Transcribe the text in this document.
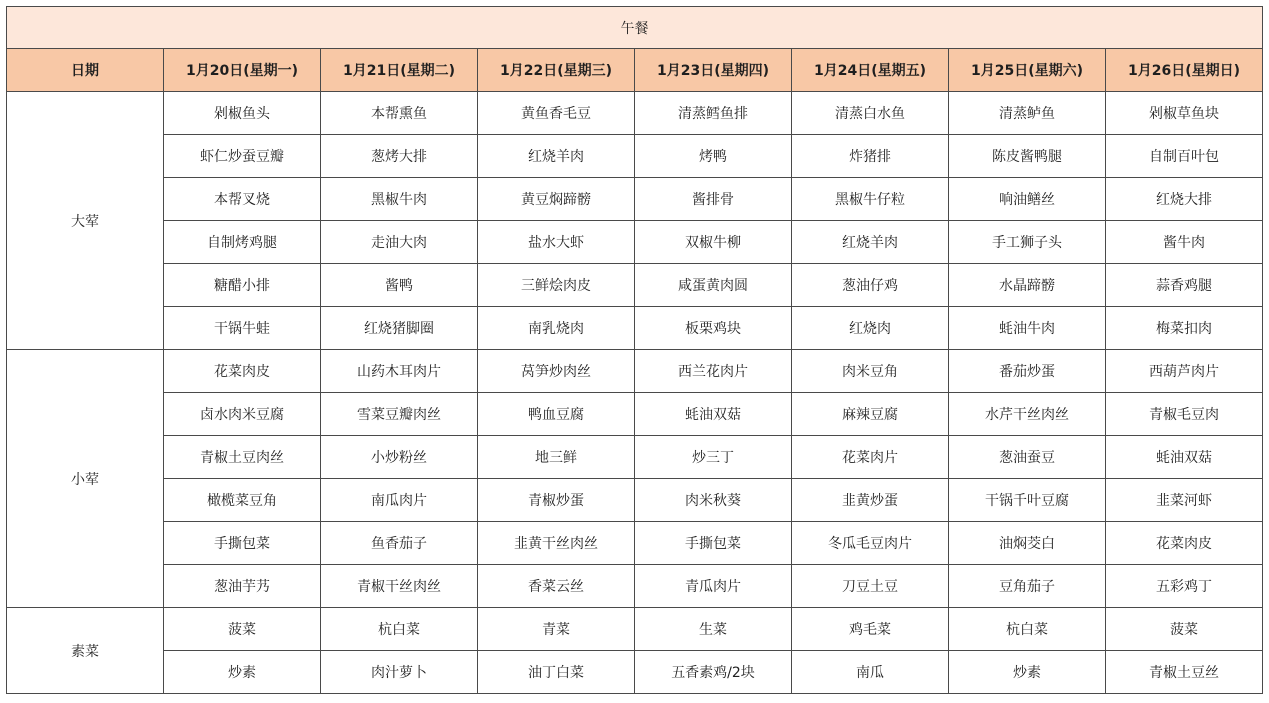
午餐							
日期	1月20日(星期一)	1月21日(星期二)	1月22日(星期三)	1月23日(星期四)	1月24日(星期五)	1月25日(星期六)	1月26日(星期日)
大荤	剁椒鱼头	本帮熏鱼	黄鱼香毛豆	清蒸鳕鱼排	清蒸白水鱼	清蒸鲈鱼	剁椒草鱼块
	虾仁炒蚕豆瓣	葱烤大排	红烧羊肉	烤鸭	炸猪排	陈皮酱鸭腿	自制百叶包
	本帮叉烧	黑椒牛肉	黄豆焖蹄髈	酱排骨	黑椒牛仔粒	响油鳝丝	红烧大排
	自制烤鸡腿	走油大肉	盐水大虾	双椒牛柳	红烧羊肉	手工狮子头	酱牛肉
	糖醋小排	酱鸭	三鲜烩肉皮	咸蛋黄肉圆	葱油仔鸡	水晶蹄髈	蒜香鸡腿
	干锅牛蛙	红烧猪脚圈	南乳烧肉	板栗鸡块	红烧肉	蚝油牛肉	梅菜扣肉
小荤	花菜肉皮	山药木耳肉片	莴笋炒肉丝	西兰花肉片	肉米豆角	番茄炒蛋	西葫芦肉片
	卤水肉米豆腐	雪菜豆瓣肉丝	鸭血豆腐	蚝油双菇	麻辣豆腐	水芹干丝肉丝	青椒毛豆肉
	青椒土豆肉丝	小炒粉丝	地三鲜	炒三丁	花菜肉片	葱油蚕豆	蚝油双菇
	橄榄菜豆角	南瓜肉片	青椒炒蛋	肉米秋葵	韭黄炒蛋	干锅千叶豆腐	韭菜河虾
	手撕包菜	鱼香茄子	韭黄干丝肉丝	手撕包菜	冬瓜毛豆肉片	油焖茭白	花菜肉皮
	葱油芋艿	青椒干丝肉丝	香菜云丝	青瓜肉片	刀豆土豆	豆角茄子	五彩鸡丁
素菜	菠菜	杭白菜	青菜	生菜	鸡毛菜	杭白菜	菠菜
	炒素	肉汁萝卜	油丁白菜	五香素鸡/2块	南瓜	炒素	青椒土豆丝
